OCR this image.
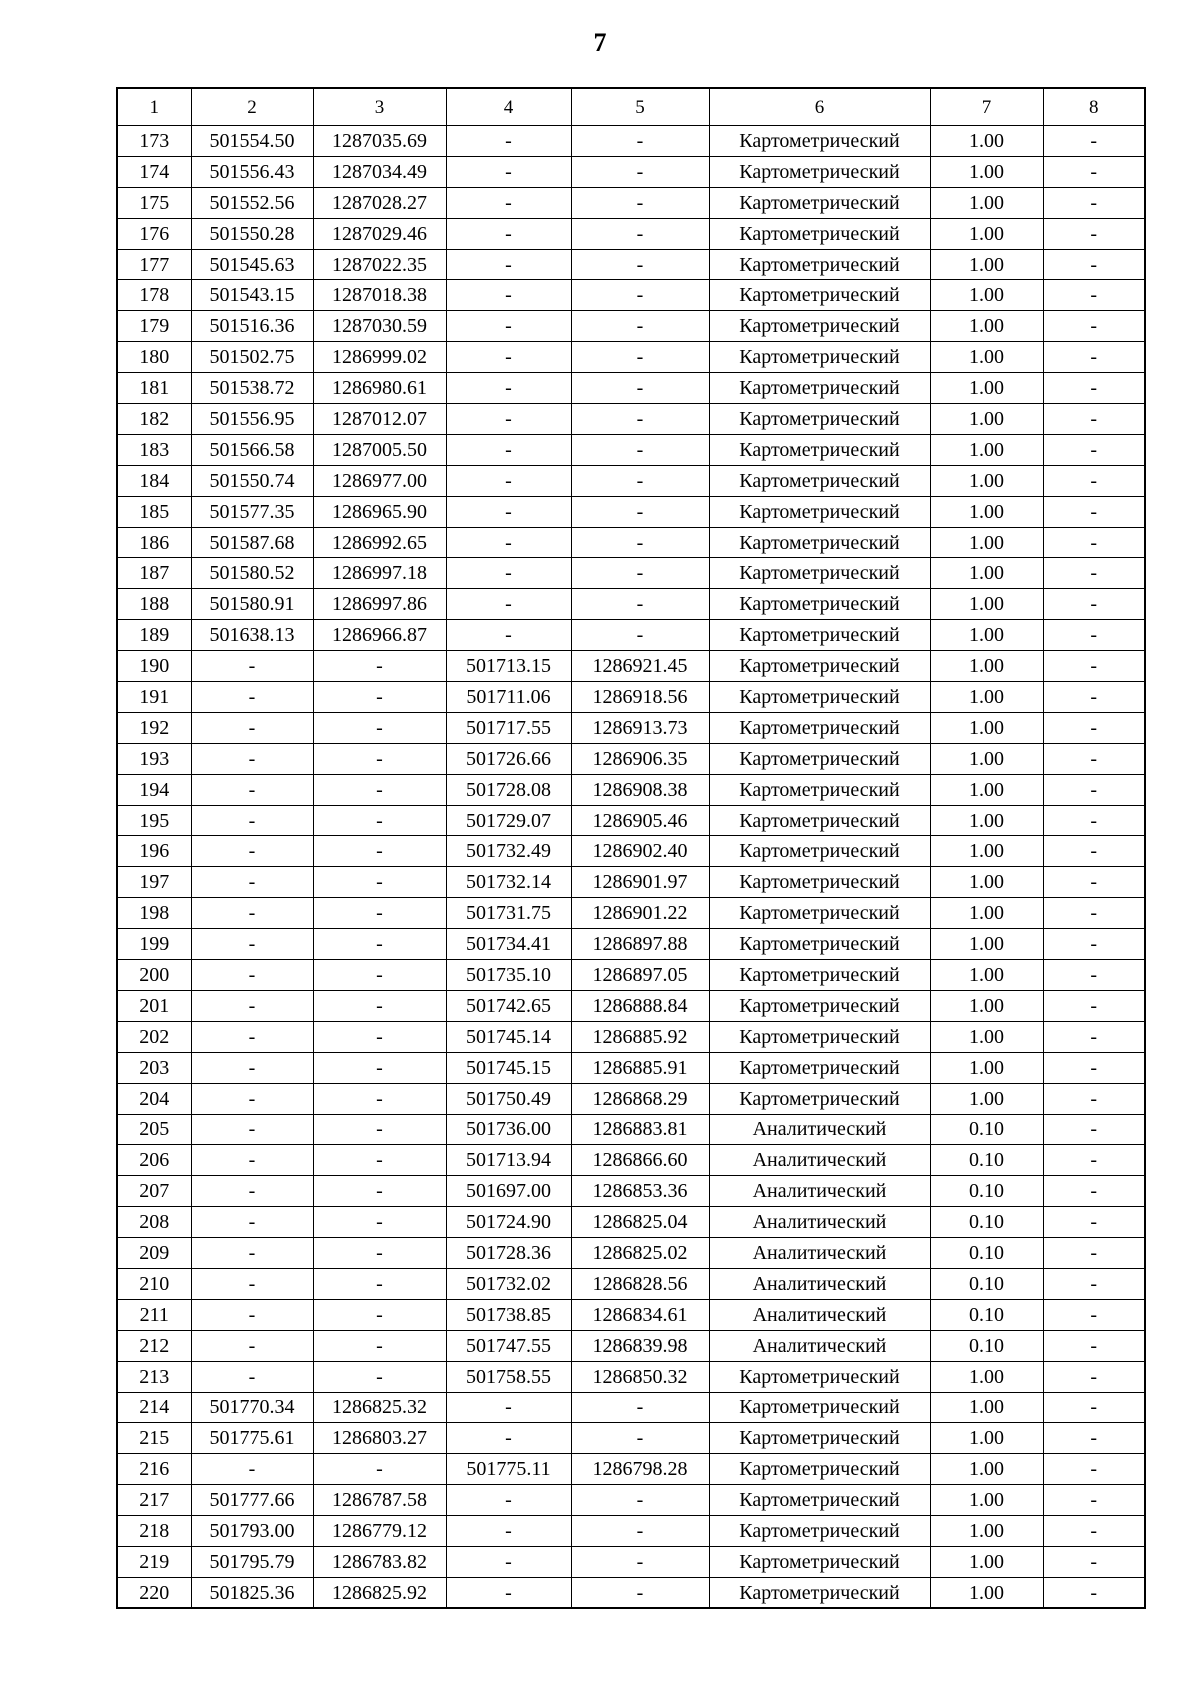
7
1	2	3	4	5	6	7	8
173	501554.50	1287035.69	-	-	Картометрический	1.00	-
174	501556.43	1287034.49	-	-	Картометрический	1.00	-
175	501552.56	1287028.27	-	-	Картометрический	1.00	-
176	501550.28	1287029.46	-	-	Картометрический	1.00	-
177	501545.63	1287022.35	-	-	Картометрический	1.00	-
178	501543.15	1287018.38	-	-	Картометрический	1.00	-
179	501516.36	1287030.59	-	-	Картометрический	1.00	-
180	501502.75	1286999.02	-	-	Картометрический	1.00	-
181	501538.72	1286980.61	-	-	Картометрический	1.00	-
182	501556.95	1287012.07	-	-	Картометрический	1.00	-
183	501566.58	1287005.50	-	-	Картометрический	1.00	-
184	501550.74	1286977.00	-	-	Картометрический	1.00	-
185	501577.35	1286965.90	-	-	Картометрический	1.00	-
186	501587.68	1286992.65	-	-	Картометрический	1.00	-
187	501580.52	1286997.18	-	-	Картометрический	1.00	-
188	501580.91	1286997.86	-	-	Картометрический	1.00	-
189	501638.13	1286966.87	-	-	Картометрический	1.00	-
190	-	-	501713.15	1286921.45	Картометрический	1.00	-
191	-	-	501711.06	1286918.56	Картометрический	1.00	-
192	-	-	501717.55	1286913.73	Картометрический	1.00	-
193	-	-	501726.66	1286906.35	Картометрический	1.00	-
194	-	-	501728.08	1286908.38	Картометрический	1.00	-
195	-	-	501729.07	1286905.46	Картометрический	1.00	-
196	-	-	501732.49	1286902.40	Картометрический	1.00	-
197	-	-	501732.14	1286901.97	Картометрический	1.00	-
198	-	-	501731.75	1286901.22	Картометрический	1.00	-
199	-	-	501734.41	1286897.88	Картометрический	1.00	-
200	-	-	501735.10	1286897.05	Картометрический	1.00	-
201	-	-	501742.65	1286888.84	Картометрический	1.00	-
202	-	-	501745.14	1286885.92	Картометрический	1.00	-
203	-	-	501745.15	1286885.91	Картометрический	1.00	-
204	-	-	501750.49	1286868.29	Картометрический	1.00	-
205	-	-	501736.00	1286883.81	Аналитический	0.10	-
206	-	-	501713.94	1286866.60	Аналитический	0.10	-
207	-	-	501697.00	1286853.36	Аналитический	0.10	-
208	-	-	501724.90	1286825.04	Аналитический	0.10	-
209	-	-	501728.36	1286825.02	Аналитический	0.10	-
210	-	-	501732.02	1286828.56	Аналитический	0.10	-
211	-	-	501738.85	1286834.61	Аналитический	0.10	-
212	-	-	501747.55	1286839.98	Аналитический	0.10	-
213	-	-	501758.55	1286850.32	Картометрический	1.00	-
214	501770.34	1286825.32	-	-	Картометрический	1.00	-
215	501775.61	1286803.27	-	-	Картометрический	1.00	-
216	-	-	501775.11	1286798.28	Картометрический	1.00	-
217	501777.66	1286787.58	-	-	Картометрический	1.00	-
218	501793.00	1286779.12	-	-	Картометрический	1.00	-
219	501795.79	1286783.82	-	-	Картометрический	1.00	-
220	501825.36	1286825.92	-	-	Картометрический	1.00	-
